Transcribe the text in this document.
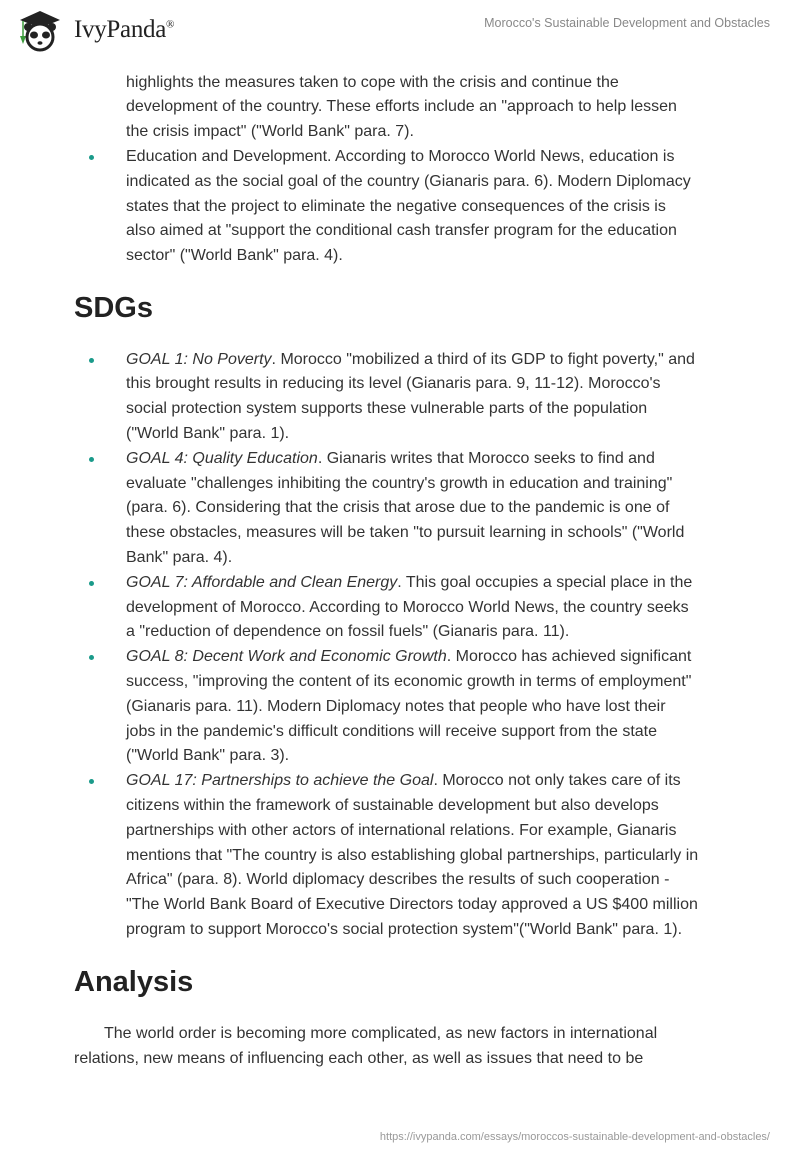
IvyPanda®	Morocco's Sustainable Development and Obstacles
highlights the measures taken to cope with the crisis and continue the
development of the country. These efforts include an "approach to help lessen
the crisis impact" ("World Bank" para. 7).
Education and Development. According to Morocco World News, education is
indicated as the social goal of the country (Gianaris para. 6). Modern Diplomacy
states that the project to eliminate the negative consequences of the crisis is
also aimed at "support the conditional cash transfer program for the education
sector" ("World Bank" para. 4).
SDGs
GOAL 1: No Poverty. Morocco "mobilized a third of its GDP to fight poverty," and
this brought results in reducing its level (Gianaris para. 9, 11-12). Morocco's
social protection system supports these vulnerable parts of the population
("World Bank" para. 1).
GOAL 4: Quality Education. Gianaris writes that Morocco seeks to find and
evaluate "challenges inhibiting the country's growth in education and training"
(para. 6). Considering that the crisis that arose due to the pandemic is one of
these obstacles, measures will be taken "to pursuit learning in schools" ("World
Bank" para. 4).
GOAL 7: Affordable and Clean Energy. This goal occupies a special place in the
development of Morocco. According to Morocco World News, the country seeks
a "reduction of dependence on fossil fuels" (Gianaris para. 11).
GOAL 8: Decent Work and Economic Growth. Morocco has achieved significant
success, "improving the content of its economic growth in terms of employment"
(Gianaris para. 11). Modern Diplomacy notes that people who have lost their
jobs in the pandemic's difficult conditions will receive support from the state
("World Bank" para. 3).
GOAL 17: Partnerships to achieve the Goal. Morocco not only takes care of its
citizens within the framework of sustainable development but also develops
partnerships with other actors of international relations. For example, Gianaris
mentions that "The country is also establishing global partnerships, particularly in
Africa" (para. 8). World diplomacy describes the results of such cooperation -
"The World Bank Board of Executive Directors today approved a US $400 million
program to support Morocco's social protection system"("World Bank" para. 1).
Analysis
The world order is becoming more complicated, as new factors in international
relations, new means of influencing each other, as well as issues that need to be
https://ivypanda.com/essays/moroccos-sustainable-development-and-obstacles/
